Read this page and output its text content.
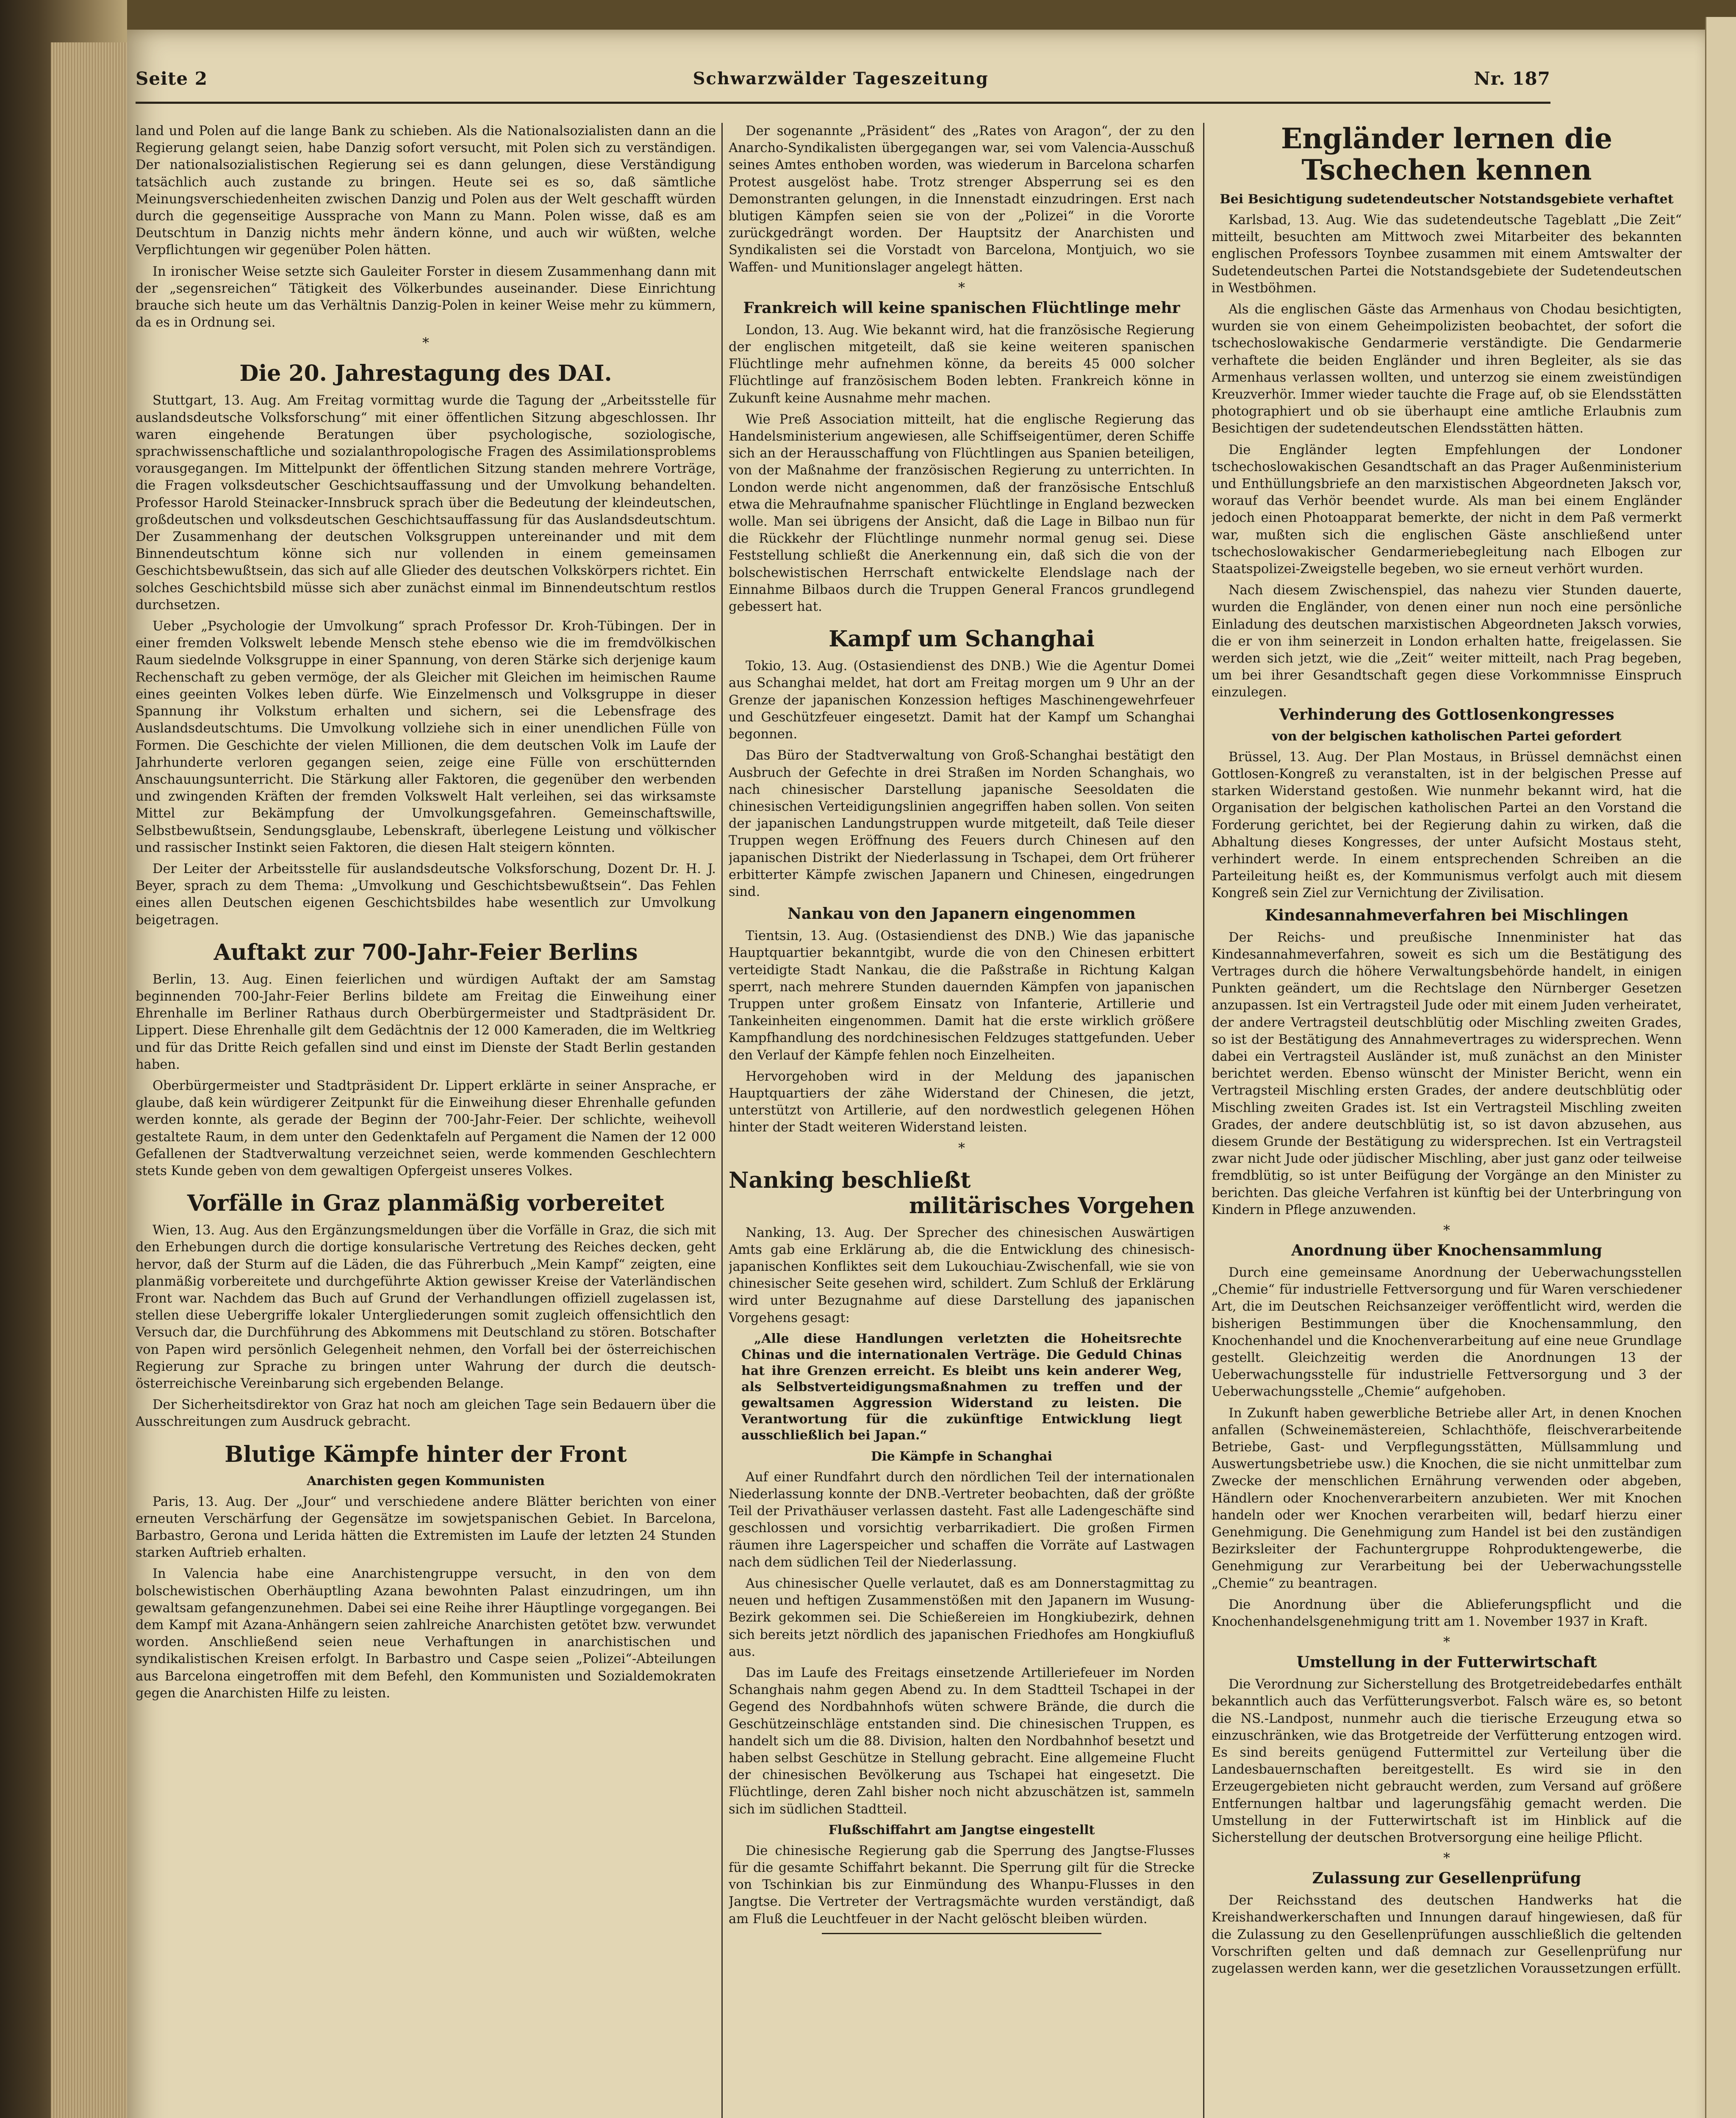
Seite 2	Schwarzwälder Tageszeitung	Nr. 187

land und Polen auf die lange Bank zu schieben. Als die Nationalsozialisten dann an die Regierung gelangt seien, habe Danzig sofort versucht, mit Polen sich zu verständigen. Der nationalsozialistischen Regierung sei es dann gelungen, diese Verständigung tatsächlich auch zustande zu bringen. Heute sei es so, daß sämtliche Meinungsverschiedenheiten zwischen Danzig und Polen aus der Welt geschafft würden durch die gegenseitige Aussprache von Mann zu Mann. Polen wisse, daß es am Deutschtum in Danzig nichts mehr ändern könne, und auch wir wüßten, welche Verpflichtungen wir gegenüber Polen hätten.

In ironischer Weise setzte sich Gauleiter Forster in diesem Zusammenhang dann mit der „segensreichen“ Tätigkeit des Völkerbundes auseinander. Diese Einrichtung brauche sich heute um das Verhältnis Danzig-Polen in keiner Weise mehr zu kümmern, da es in Ordnung sei.

*
Die 20. Jahrestagung des DAI.

Stuttgart, 13. Aug. Am Freitag vormittag wurde die Tagung der „Arbeitsstelle für auslandsdeutsche Volksforschung“ mit einer öffentlichen Sitzung abgeschlossen. Ihr waren eingehende Beratungen über psychologische, soziologische, sprachwissenschaftliche und sozialanthropologische Fragen des Assimilationsproblems vorausgegangen. Im Mittelpunkt der öffentlichen Sitzung standen mehrere Vorträge, die Fragen volksdeutscher Geschichtsauffassung und der Umvolkung behandelten. Professor Harold Steinacker-Innsbruck sprach über die Bedeutung der kleindeutschen, großdeutschen und volksdeutschen Geschichtsauffassung für das Auslandsdeutschtum. Der Zusammenhang der deutschen Volksgruppen untereinander und mit dem Binnendeutschtum könne sich nur vollenden in einem gemeinsamen Geschichtsbewußtsein, das sich auf alle Glieder des deutschen Volkskörpers richtet. Ein solches Geschichtsbild müsse sich aber zunächst einmal im Binnendeutschtum restlos durchsetzen.

Ueber „Psychologie der Umvolkung“ sprach Professor Dr. Kroh-Tübingen. Der in einer fremden Volkswelt lebende Mensch stehe ebenso wie die im fremdvölkischen Raum siedelnde Volksgruppe in einer Spannung, von deren Stärke sich derjenige kaum Rechenschaft zu geben vermöge, der als Gleicher mit Gleichen im heimischen Raume eines geeinten Volkes leben dürfe. Wie Einzelmensch und Volksgruppe in dieser Spannung ihr Volkstum erhalten und sichern, sei die Lebensfrage des Auslandsdeutschtums. Die Umvolkung vollziehe sich in einer unendlichen Fülle von Formen. Die Geschichte der vielen Millionen, die dem deutschen Volk im Laufe der Jahrhunderte verloren gegangen seien, zeige eine Fülle von erschütternden Anschauungsunterricht. Die Stärkung aller Faktoren, die gegenüber den werbenden und zwingenden Kräften der fremden Volkswelt Halt verleihen, sei das wirksamste Mittel zur Bekämpfung der Umvolkungsgefahren. Gemeinschaftswille, Selbstbewußtsein, Sendungsglaube, Lebenskraft, überlegene Leistung und völkischer und rassischer Instinkt seien Faktoren, die diesen Halt steigern könnten.

Der Leiter der Arbeitsstelle für auslandsdeutsche Volksforschung, Dozent Dr. H. J. Beyer, sprach zu dem Thema: „Umvolkung und Geschichtsbewußtsein“. Das Fehlen eines allen Deutschen eigenen Geschichtsbildes habe wesentlich zur Umvolkung beigetragen.

Auftakt zur 700-Jahr-Feier Berlins

Berlin, 13. Aug. Einen feierlichen und würdigen Auftakt der am Samstag beginnenden 700-Jahr-Feier Berlins bildete am Freitag die Einweihung einer Ehrenhalle im Berliner Rathaus durch Oberbürgermeister und Stadtpräsident Dr. Lippert. Diese Ehrenhalle gilt dem Gedächtnis der 12 000 Kameraden, die im Weltkrieg und für das Dritte Reich gefallen sind und einst im Dienste der Stadt Berlin gestanden haben.

Oberbürgermeister und Stadtpräsident Dr. Lippert erklärte in seiner Ansprache, er glaube, daß kein würdigerer Zeitpunkt für die Einweihung dieser Ehrenhalle gefunden werden konnte, als gerade der Beginn der 700-Jahr-Feier. Der schlichte, weihevoll gestaltete Raum, in dem unter den Gedenktafeln auf Pergament die Namen der 12 000 Gefallenen der Stadtverwaltung verzeichnet seien, werde kommenden Geschlechtern stets Kunde geben von dem gewaltigen Opfergeist unseres Volkes.

Vorfälle in Graz planmäßig vorbereitet

Wien, 13. Aug. Aus den Ergänzungsmeldungen über die Vorfälle in Graz, die sich mit den Erhebungen durch die dortige konsularische Vertretung des Reiches decken, geht hervor, daß der Sturm auf die Läden, die das Führerbuch „Mein Kampf“ zeigten, eine planmäßig vorbereitete und durchgeführte Aktion gewisser Kreise der Vaterländischen Front war. Nachdem das Buch auf Grund der Verhandlungen offiziell zugelassen ist, stellen diese Uebergriffe lokaler Untergliederungen somit zugleich offensichtlich den Versuch dar, die Durchführung des Abkommens mit Deutschland zu stören. Botschafter von Papen wird persönlich Gelegenheit nehmen, den Vorfall bei der österreichischen Regierung zur Sprache zu bringen unter Wahrung der durch die deutsch-österreichische Vereinbarung sich ergebenden Belange.

Der Sicherheitsdirektor von Graz hat noch am gleichen Tage sein Bedauern über die Ausschreitungen zum Ausdruck gebracht.

Blutige Kämpfe hinter der Front
Anarchisten gegen Kommunisten

Paris, 13. Aug. Der „Jour“ und verschiedene andere Blätter berichten von einer erneuten Verschärfung der Gegensätze im sowjetspanischen Gebiet. In Barcelona, Barbastro, Gerona und Lerida hätten die Extremisten im Laufe der letzten 24 Stunden starken Auftrieb erhalten.

In Valencia habe eine Anarchistengruppe versucht, in den von dem bolschewistischen Oberhäuptling Azana bewohnten Palast einzudringen, um ihn gewaltsam gefangenzunehmen. Dabei sei eine Reihe ihrer Häuptlinge vorgegangen. Bei dem Kampf mit Azana-Anhängern seien zahlreiche Anarchisten getötet bzw. verwundet worden. Anschließend seien neue Verhaftungen in anarchistischen und syndikalistischen Kreisen erfolgt. In Barbastro und Caspe seien „Polizei“-Abteilungen aus Barcelona eingetroffen mit dem Befehl, den Kommunisten und Sozialdemokraten gegen die Anarchisten Hilfe zu leisten.

Der sogenannte „Präsident“ des „Rates von Aragon“, der zu den Anarcho-Syndikalisten übergegangen war, sei vom Valencia-Ausschuß seines Amtes enthoben worden, was wiederum in Barcelona scharfen Protest ausgelöst habe. Trotz strenger Absperrung sei es den Demonstranten gelungen, in die Innenstadt einzudringen. Erst nach blutigen Kämpfen seien sie von der „Polizei“ in die Vororte zurückgedrängt worden. Der Hauptsitz der Anarchisten und Syndikalisten sei die Vorstadt von Barcelona, Montjuich, wo sie Waffen- und Munitionslager angelegt hätten.

*
Frankreich will keine spanischen Flüchtlinge mehr

London, 13. Aug. Wie bekannt wird, hat die französische Regierung der englischen mitgeteilt, daß sie keine weiteren spanischen Flüchtlinge mehr aufnehmen könne, da bereits 45 000 solcher Flüchtlinge auf französischem Boden lebten. Frankreich könne in Zukunft keine Ausnahme mehr machen.

Wie Preß Association mitteilt, hat die englische Regierung das Handelsministerium angewiesen, alle Schiffseigentümer, deren Schiffe sich an der Herausschaffung von Flüchtlingen aus Spanien beteiligen, von der Maßnahme der französischen Regierung zu unterrichten. In London werde nicht angenommen, daß der französische Entschluß etwa die Mehraufnahme spanischer Flüchtlinge in England bezwecken wolle. Man sei übrigens der Ansicht, daß die Lage in Bilbao nun für die Rückkehr der Flüchtlinge nunmehr normal genug sei. Diese Feststellung schließt die Anerkennung ein, daß sich die von der bolschewistischen Herrschaft entwickelte Elendslage nach der Einnahme Bilbaos durch die Truppen General Francos grundlegend gebessert hat.

Kampf um Schanghai

Tokio, 13. Aug. (Ostasiendienst des DNB.) Wie die Agentur Domei aus Schanghai meldet, hat dort am Freitag morgen um 9 Uhr an der Grenze der japanischen Konzession heftiges Maschinengewehrfeuer und Geschützfeuer eingesetzt. Damit hat der Kampf um Schanghai begonnen.

Das Büro der Stadtverwaltung von Groß-Schanghai bestätigt den Ausbruch der Gefechte in drei Straßen im Norden Schanghais, wo nach chinesischer Darstellung japanische Seesoldaten die chinesischen Verteidigungslinien angegriffen haben sollen. Von seiten der japanischen Landungstruppen wurde mitgeteilt, daß Teile dieser Truppen wegen Eröffnung des Feuers durch Chinesen auf den japanischen Distrikt der Niederlassung in Tschapei, dem Ort früherer erbitterter Kämpfe zwischen Japanern und Chinesen, eingedrungen sind.

Nankau von den Japanern eingenommen

Tientsin, 13. Aug. (Ostasiendienst des DNB.) Wie das japanische Hauptquartier bekanntgibt, wurde die von den Chinesen erbittert verteidigte Stadt Nankau, die die Paßstraße in Richtung Kalgan sperrt, nach mehrere Stunden dauernden Kämpfen von japanischen Truppen unter großem Einsatz von Infanterie, Artillerie und Tankeinheiten eingenommen. Damit hat die erste wirklich größere Kampfhandlung des nordchinesischen Feldzuges stattgefunden. Ueber den Verlauf der Kämpfe fehlen noch Einzelheiten.

Hervorgehoben wird in der Meldung des japanischen Hauptquartiers der zähe Widerstand der Chinesen, die jetzt, unterstützt von Artillerie, auf den nordwestlich gelegenen Höhen hinter der Stadt weiteren Widerstand leisten.

*
Nanking beschließt
militärisches Vorgehen

Nanking, 13. Aug. Der Sprecher des chinesischen Auswärtigen Amts gab eine Erklärung ab, die die Entwicklung des chinesisch-japanischen Konfliktes seit dem Lukouchiau-Zwischenfall, wie sie von chinesischer Seite gesehen wird, schildert. Zum Schluß der Erklärung wird unter Bezugnahme auf diese Darstellung des japanischen Vorgehens gesagt:

„Alle diese Handlungen verletzten die Hoheitsrechte Chinas und die internationalen Verträge. Die Geduld Chinas hat ihre Grenzen erreicht. Es bleibt uns kein anderer Weg, als Selbstverteidigungsmaßnahmen zu treffen und der gewaltsamen Aggression Widerstand zu leisten. Die Verantwortung für die zukünftige Entwicklung liegt ausschließlich bei Japan.“
Die Kämpfe in Schanghai

Auf einer Rundfahrt durch den nördlichen Teil der internationalen Niederlassung konnte der DNB.-Vertreter beobachten, daß der größte Teil der Privathäuser verlassen dasteht. Fast alle Ladengeschäfte sind geschlossen und vorsichtig verbarrikadiert. Die großen Firmen räumen ihre Lagerspeicher und schaffen die Vorräte auf Lastwagen nach dem südlichen Teil der Niederlassung.

Aus chinesischer Quelle verlautet, daß es am Donnerstagmittag zu neuen und heftigen Zusammenstößen mit den Japanern im Wusung-Bezirk gekommen sei. Die Schießereien im Hongkiubezirk, dehnen sich bereits jetzt nördlich des japanischen Friedhofes am Hongkiufluß aus.

Das im Laufe des Freitags einsetzende Artilleriefeuer im Norden Schanghais nahm gegen Abend zu. In dem Stadtteil Tschapei in der Gegend des Nordbahnhofs wüten schwere Brände, die durch die Geschützeinschläge entstanden sind. Die chinesischen Truppen, es handelt sich um die 88. Division, halten den Nordbahnhof besetzt und haben selbst Geschütze in Stellung gebracht. Eine allgemeine Flucht der chinesischen Bevölkerung aus Tschapei hat eingesetzt. Die Flüchtlinge, deren Zahl bisher noch nicht abzuschätzen ist, sammeln sich im südlichen Stadtteil.

Flußschiffahrt am Jangtse eingestellt

Die chinesische Regierung gab die Sperrung des Jangtse-Flusses für die gesamte Schiffahrt bekannt. Die Sperrung gilt für die Strecke von Tschinkian bis zur Einmündung des Whanpu-Flusses in den Jangtse. Die Vertreter der Vertragsmächte wurden verständigt, daß am Fluß die Leuchtfeuer in der Nacht gelöscht bleiben würden.

Engländer lernen die Tschechen kennen
Bei Besichtigung sudetendeutscher Notstandsgebiete verhaftet

Karlsbad, 13. Aug. Wie das sudetendeutsche Tageblatt „Die Zeit“ mitteilt, besuchten am Mittwoch zwei Mitarbeiter des bekannten englischen Professors Toynbee zusammen mit einem Amtswalter der Sudetendeutschen Partei die Notstandsgebiete der Sudetendeutschen in Westböhmen.

Als die englischen Gäste das Armenhaus von Chodau besichtigten, wurden sie von einem Geheimpolizisten beobachtet, der sofort die tschechoslowakische Gendarmerie verständigte. Die Gendarmerie verhaftete die beiden Engländer und ihren Begleiter, als sie das Armenhaus verlassen wollten, und unterzog sie einem zweistündigen Kreuzverhör. Immer wieder tauchte die Frage auf, ob sie Elendsstätten photographiert und ob sie überhaupt eine amtliche Erlaubnis zum Besichtigen der sudetendeutschen Elendsstätten hätten.

Die Engländer legten Empfehlungen der Londoner tschechoslowakischen Gesandtschaft an das Prager Außenministerium und Enthüllungsbriefe an den marxistischen Abgeordneten Jaksch vor, worauf das Verhör beendet wurde. Als man bei einem Engländer jedoch einen Photoapparat bemerkte, der nicht in dem Paß vermerkt war, mußten sich die englischen Gäste anschließend unter tschechoslowakischer Gendarmeriebegleitung nach Elbogen zur Staatspolizei-Zweigstelle begeben, wo sie erneut verhört wurden.

Nach diesem Zwischenspiel, das nahezu vier Stunden dauerte, wurden die Engländer, von denen einer nun noch eine persönliche Einladung des deutschen marxistischen Abgeordneten Jaksch vorwies, die er von ihm seinerzeit in London erhalten hatte, freigelassen. Sie werden sich jetzt, wie die „Zeit“ weiter mitteilt, nach Prag begeben, um bei ihrer Gesandtschaft gegen diese Vorkommnisse Einspruch einzulegen.

Verhinderung des Gottlosenkongresses
von der belgischen katholischen Partei gefordert

Brüssel, 13. Aug. Der Plan Mostaus, in Brüssel demnächst einen Gottlosen-Kongreß zu veranstalten, ist in der belgischen Presse auf starken Widerstand gestoßen. Wie nunmehr bekannt wird, hat die Organisation der belgischen katholischen Partei an den Vorstand die Forderung gerichtet, bei der Regierung dahin zu wirken, daß die Abhaltung dieses Kongresses, der unter Aufsicht Mostaus steht, verhindert werde. In einem entsprechenden Schreiben an die Parteileitung heißt es, der Kommunismus verfolgt auch mit diesem Kongreß sein Ziel zur Vernichtung der Zivilisation.

Kindesannahmeverfahren bei Mischlingen

Der Reichs- und preußische Innenminister hat das Kindesannahmeverfahren, soweit es sich um die Bestätigung des Vertrages durch die höhere Verwaltungsbehörde handelt, in einigen Punkten geändert, um die Rechtslage den Nürnberger Gesetzen anzupassen. Ist ein Vertragsteil Jude oder mit einem Juden verheiratet, der andere Vertragsteil deutschblütig oder Mischling zweiten Grades, so ist der Bestätigung des Annahmevertrages zu widersprechen. Wenn dabei ein Vertragsteil Ausländer ist, muß zunächst an den Minister berichtet werden. Ebenso wünscht der Minister Bericht, wenn ein Vertragsteil Mischling ersten Grades, der andere deutschblütig oder Mischling zweiten Grades ist. Ist ein Vertragsteil Mischling zweiten Grades, der andere deutschblütig ist, so ist davon abzusehen, aus diesem Grunde der Bestätigung zu widersprechen. Ist ein Vertragsteil zwar nicht Jude oder jüdischer Mischling, aber just ganz oder teilweise fremdblütig, so ist unter Beifügung der Vorgänge an den Minister zu berichten. Das gleiche Verfahren ist künftig bei der Unterbringung von Kindern in Pflege anzuwenden.

*
Anordnung über Knochensammlung

Durch eine gemeinsame Anordnung der Ueberwachungsstellen „Chemie“ für industrielle Fettversorgung und für Waren verschiedener Art, die im Deutschen Reichsanzeiger veröffentlicht wird, werden die bisherigen Bestimmungen über die Knochensammlung, den Knochenhandel und die Knochenverarbeitung auf eine neue Grundlage gestellt. Gleichzeitig werden die Anordnungen 13 der Ueberwachungsstelle für industrielle Fettversorgung und 3 der Ueberwachungsstelle „Chemie“ aufgehoben.

In Zukunft haben gewerbliche Betriebe aller Art, in denen Knochen anfallen (Schweinemästereien, Schlachthöfe, fleischverarbeitende Betriebe, Gast- und Verpflegungsstätten, Müllsammlung und Auswertungsbetriebe usw.) die Knochen, die sie nicht unmittelbar zum Zwecke der menschlichen Ernährung verwenden oder abgeben, Händlern oder Knochenverarbeitern anzubieten. Wer mit Knochen handeln oder wer Knochen verarbeiten will, bedarf hierzu einer Genehmigung. Die Genehmigung zum Handel ist bei den zuständigen Bezirksleiter der Fachuntergruppe Rohproduktengewerbe, die Genehmigung zur Verarbeitung bei der Ueberwachungsstelle „Chemie“ zu beantragen.

Die Anordnung über die Ablieferungspflicht und die Knochenhandelsgenehmigung tritt am 1. November 1937 in Kraft.

*
Umstellung in der Futterwirtschaft

Die Verordnung zur Sicherstellung des Brotgetreidebedarfes enthält bekanntlich auch das Verfütterungsverbot. Falsch wäre es, so betont die NS.-Landpost, nunmehr auch die tierische Erzeugung etwa so einzuschränken, wie das Brotgetreide der Verfütterung entzogen wird. Es sind bereits genügend Futtermittel zur Verteilung über die Landesbauernschaften bereitgestellt. Es wird sie in den Erzeugergebieten nicht gebraucht werden, zum Versand auf größere Entfernungen haltbar und lagerungsfähig gemacht werden. Die Umstellung in der Futterwirtschaft ist im Hinblick auf die Sicherstellung der deutschen Brotversorgung eine heilige Pflicht.

*
Zulassung zur Gesellenprüfung

Der Reichsstand des deutschen Handwerks hat die Kreishandwerkerschaften und Innungen darauf hingewiesen, daß für die Zulassung zu den Gesellenprüfungen ausschließlich die geltenden Vorschriften gelten und daß demnach zur Gesellenprüfung nur zugelassen werden kann, wer die gesetzlichen Voraussetzungen erfüllt.
